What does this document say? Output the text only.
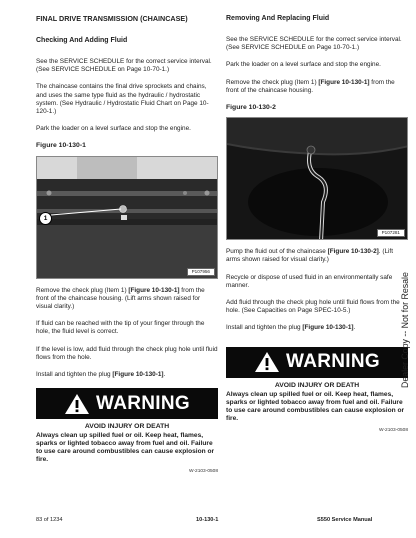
FINAL DRIVE TRANSMISSION (CHAINCASE)
Checking And Adding Fluid

See the SERVICE SCHEDULE for the correct service interval. (See SERVICE SCHEDULE on Page 10-70-1.)

The chaincase contains the final drive sprockets and chains, and uses the same type fluid as the hydraulic / hydrostatic system. (See Hydraulic / Hydrostatic Fluid Chart on Page 10-120-1.)

Park the loader on a level surface and stop the engine.

Figure 10-130-1
1
P107956

Remove the check plug (Item 1) [Figure 10-130-1] from the front of the chaincase housing. (Lift arms shown raised for visual clarity.)

If fluid can be reached with the tip of your finger through the hole, the fluid level is correct.

If the level is low, add fluid through the check plug hole until fluid flows from the hole.

Install and tighten the plug [Figure 10-130-1].

WARNING
AVOID INJURY OR DEATH
Always clean up spilled fuel or oil. Keep heat, flames, sparks or lighted tobacco away from fuel and oil. Failure to use care around combustibles can cause explosion or fire.
W-2103-0508
Removing And Replacing Fluid

See the SERVICE SCHEDULE for the correct service interval. (See SERVICE SCHEDULE on Page 10-70-1.)

Park the loader on a level surface and stop the engine.

Remove the check plug (Item 1) [Figure 10-130-1] from the front of the chaincase housing.

Figure 10-130-2
P107281

Pump the fluid out of the chaincase [Figure 10-130-2]. (Lift arms shown raised for visual clarity.)

Recycle or dispose of used fluid in an environmentally safe manner.

Add fluid through the check plug hole until fluid flows from the hole. (See Capacities on Page SPEC-10-5.)

Install and tighten the plug [Figure 10-130-1].

WARNING
AVOID INJURY OR DEATH
Always clean up spilled fuel or oil. Keep heat, flames, sparks or lighted tobacco away from fuel and oil. Failure to use care around combustibles can cause explosion or fire.
W-2103-0508
Dealer Copy -- Not for Resale
83 of 1234	10-130-1	S550 Service Manual
